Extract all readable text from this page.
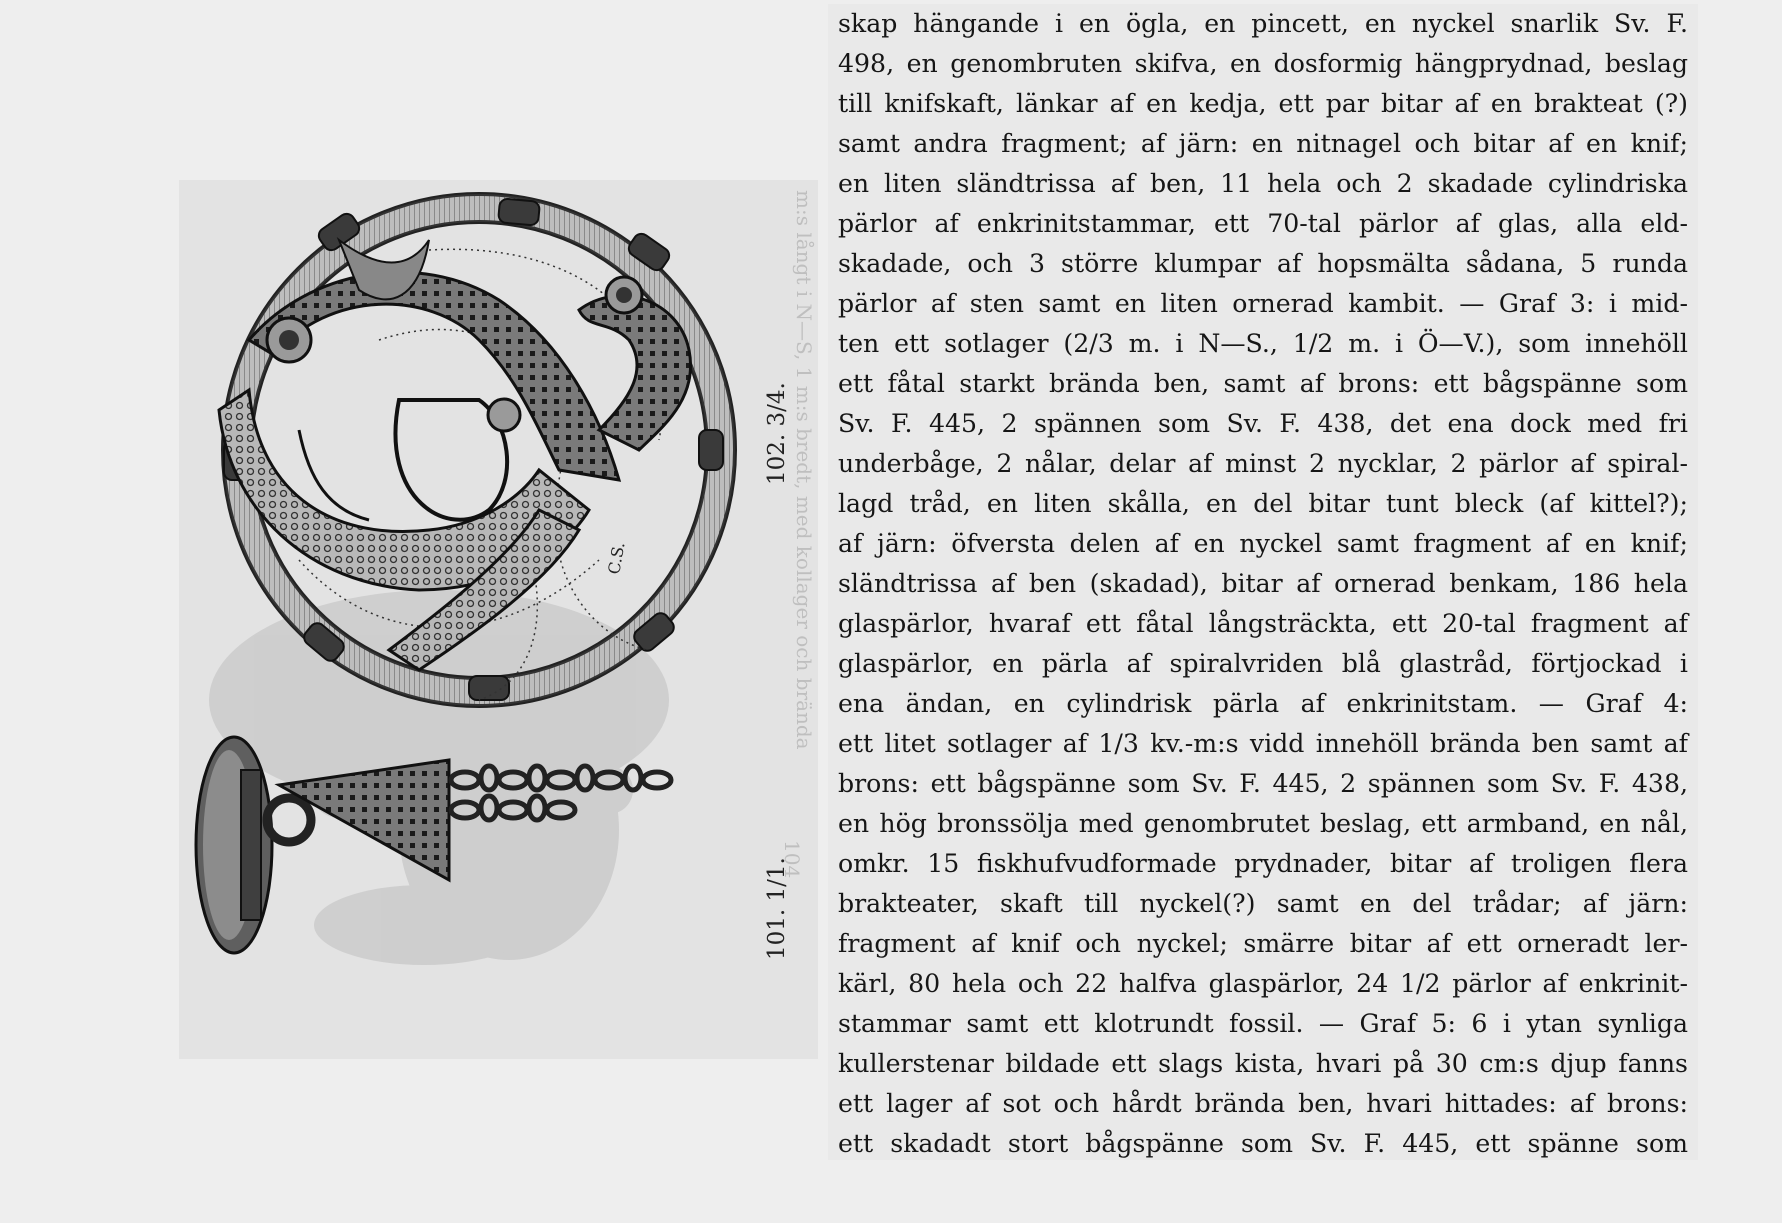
C.S.
102. 3/4.
101. 1/1.
m:s långt i N—S, 1 m:s bredt, med kollager och brända
104
skap hängande i en ögla, en pincett, en nyckel snarlik Sv. F.
498, en genombruten skifva, en dosformig hängprydnad, beslag
till knifskaft, länkar af en kedja, ett par bitar af en brakteat (?)
samt andra fragment; af järn: en nitnagel och bitar af en knif;
en liten sländtrissa af ben, 11 hela och 2 skadade cylindriska
pärlor af enkrinitstammar, ett 70-tal pärlor af glas, alla eld-
skadade, och 3 större klumpar af hopsmälta sådana, 5 runda
pärlor af sten samt en liten ornerad kambit. — Graf 3: i mid-
ten ett sotlager (2/3 m. i N—S., 1/2 m. i Ö—V.), som innehöll
ett fåtal starkt brända ben, samt af brons: ett bågspänne som
Sv. F. 445, 2 spännen som Sv. F. 438, det ena dock med fri
underbåge, 2 nålar, delar af minst 2 nycklar, 2 pärlor af spiral-
lagd tråd, en liten skålla, en del bitar tunt bleck (af kittel?);
af järn: öfversta delen af en nyckel samt fragment af en knif;
sländtrissa af ben (skadad), bitar af ornerad benkam, 186 hela
glaspärlor, hvaraf ett fåtal långsträckta, ett 20-tal fragment af
glaspärlor, en pärla af spiralvriden blå glastråd, förtjockad i
ena ändan, en cylindrisk pärla af enkrinitstam. — Graf 4:
ett litet sotlager af 1/3 kv.-m:s vidd innehöll brända ben samt af
brons: ett bågspänne som Sv. F. 445, 2 spännen som Sv. F. 438,
en hög bronssölja med genombrutet beslag, ett armband, en nål,
omkr. 15 fiskhufvudformade prydnader, bitar af troligen flera
brakteater, skaft till nyckel(?) samt en del trådar; af järn:
fragment af knif och nyckel; smärre bitar af ett orneradt ler-
kärl, 80 hela och 22 halfva glaspärlor, 24 1/2 pärlor af enkrinit-
stammar samt ett klotrundt fossil. — Graf 5: 6 i ytan synliga
kullerstenar bildade ett slags kista, hvari på 30 cm:s djup fanns
ett lager af sot och hårdt brända ben, hvari hittades: af brons:
ett skadadt stort bågspänne som Sv. F. 445, ett spänne som
